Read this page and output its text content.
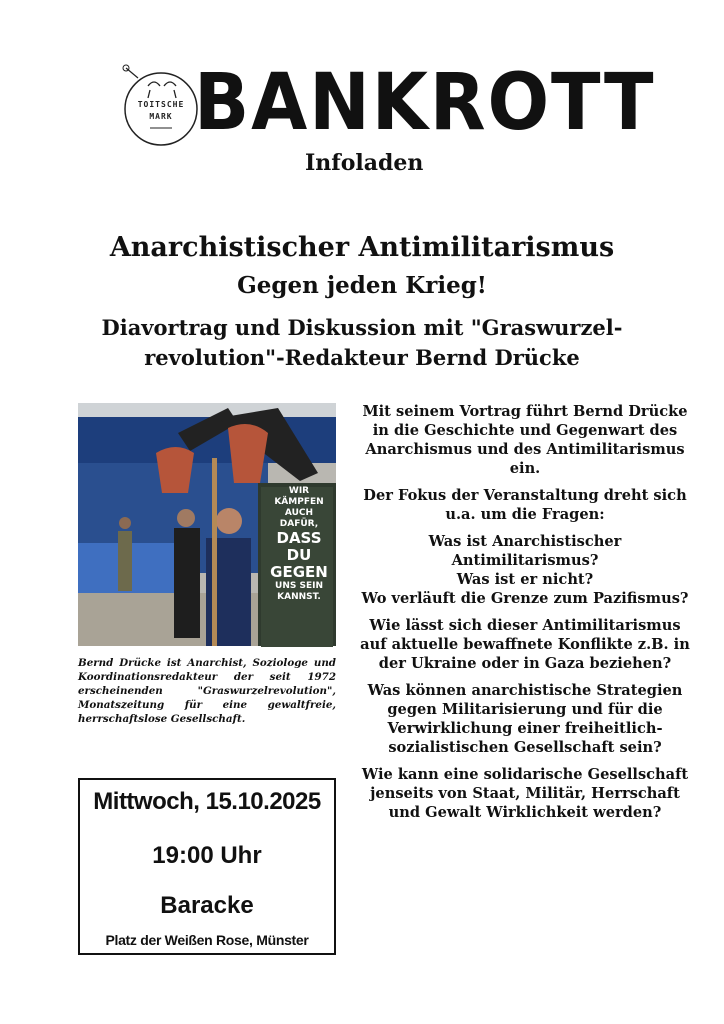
TOITSCHE
MARK BANKROTT
Infoladen
Anarchistischer Antimilitarismus
Gegen jeden Krieg!
Diavortrag und Diskussion mit "Graswurzel-
revolution"-Redakteur Bernd Drücke
Karriere Treff
WIR KÄMPFEN
AUCH DAFÜR,
DASS DU
GEGEN
UNS SEIN KANNST.
Bernd Drücke ist Anarchist, Soziologe und Koordinationsredakteur der seit 1972 erscheinenden "Graswurzelrevolution", Monatszeitung für eine gewaltfreie, herrschaftslose Gesellschaft.
Mittwoch, 15.10.2025
19:00 Uhr
Baracke
Platz der Weißen Rose, Münster

Mit seinem Vortrag führt Bernd Drücke in die Geschichte und Gegenwart des Anarchismus und des Antimilitarismus ein.

Der Fokus der Veranstaltung dreht sich u.a. um die Fragen:

Was ist Anarchistischer Antimilitarismus?
Was ist er nicht?
Wo verläuft die Grenze zum Pazifismus?

Wie lässt sich dieser Antimilitarismus auf aktuelle bewaffnete Konflikte z.B. in der Ukraine oder in Gaza beziehen?

Was können anarchistische Strategien gegen Militarisierung und für die Verwirklichung einer freiheitlich-sozialistischen Gesellschaft sein?

Wie kann eine solidarische Gesellschaft jenseits von Staat, Militär, Herrschaft und Gewalt Wirklichkeit werden?
